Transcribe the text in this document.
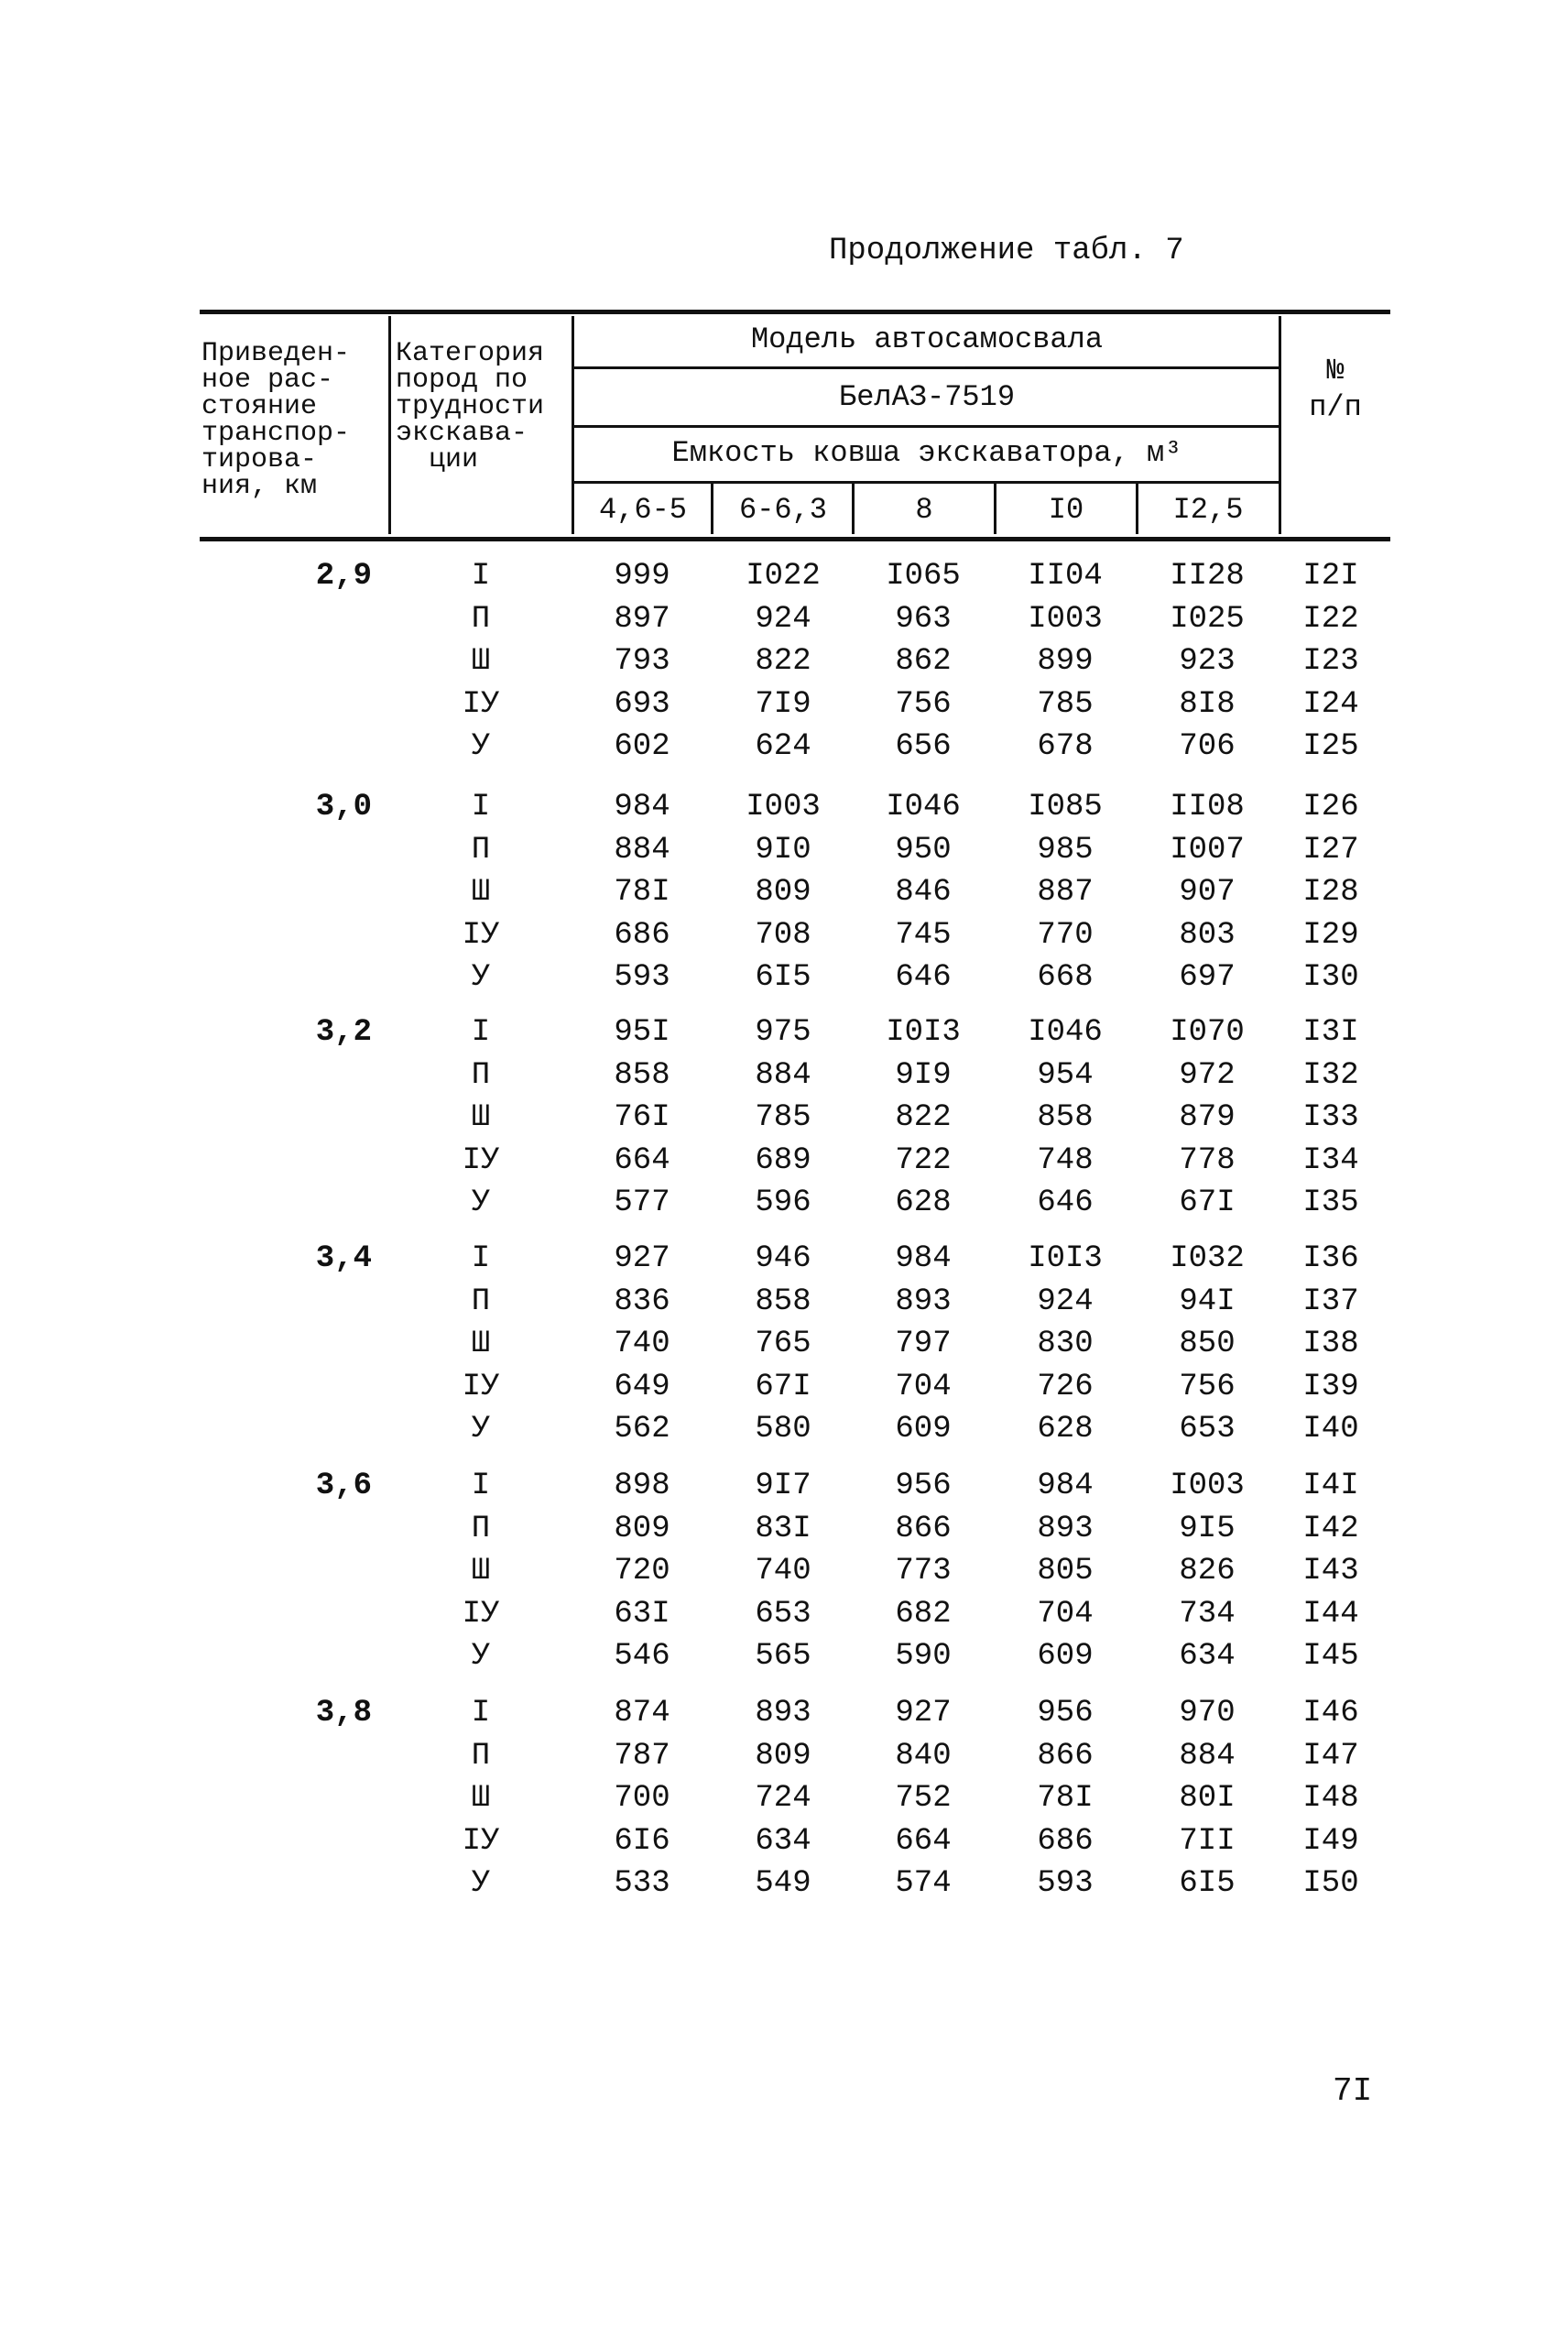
Продолжение табл. 7
Приведен-
ное рас-
стояние
транспор-
тирова-
ния, км
Категория
пород по
трудности
экскава-
ции
Модель автосамосвала
БелАЗ-7519
Емкость ковша экскаватора, м³
4,6-5	6-6,3	8	I0	I2,5
№
п/п
2,9	I	999	I022	I065	II04	II28	I2I
П	897	924	963	I003	I025	I22
Ш	793	822	862	899	923	I23
IУ	693	7I9	756	785	8I8	I24
У	602	624	656	678	706	I25
3,0	I	984	I003	I046	I085	II08	I26
П	884	9I0	950	985	I007	I27
Ш	78I	809	846	887	907	I28
IУ	686	708	745	770	803	I29
У	593	6I5	646	668	697	I30
3,2	I	95I	975	I0I3	I046	I070	I3I
П	858	884	9I9	954	972	I32
Ш	76I	785	822	858	879	I33
IУ	664	689	722	748	778	I34
У	577	596	628	646	67I	I35
3,4	I	927	946	984	I0I3	I032	I36
П	836	858	893	924	94I	I37
Ш	740	765	797	830	850	I38
IУ	649	67I	704	726	756	I39
У	562	580	609	628	653	I40
3,6	I	898	9I7	956	984	I003	I4I
П	809	83I	866	893	9I5	I42
Ш	720	740	773	805	826	I43
IУ	63I	653	682	704	734	I44
У	546	565	590	609	634	I45
3,8	I	874	893	927	956	970	I46
П	787	809	840	866	884	I47
Ш	700	724	752	78I	80I	I48
IУ	6I6	634	664	686	7II	I49
У	533	549	574	593	6I5	I50
7I
